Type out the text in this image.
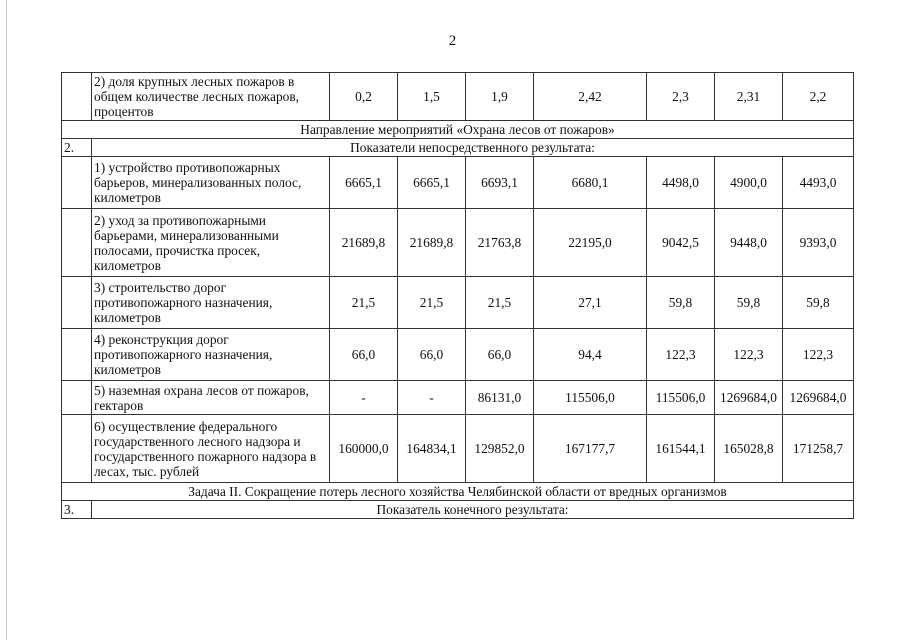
2
	2) доля крупных лесных пожаров в общем количестве лесных пожаров, процентов	0,2	1,5	1,9	2,42	2,3	2,31	2,2
Направление мероприятий «Охрана лесов от пожаров»								
2.	Показатели непосредственного результата:							
	1) устройство противопожарных барьеров, минерализованных полос, километров	6665,1	6665,1	6693,1	6680,1	4498,0	4900,0	4493,0
	2) уход за противопожарными барьерами, минерализованными полосами, прочистка просек, километров	21689,8	21689,8	21763,8	22195,0	9042,5	9448,0	9393,0
	3) строительство дорог противопожарного назначения, километров	21,5	21,5	21,5	27,1	59,8	59,8	59,8
	4) реконструкция дорог противопожарного назначения, километров	66,0	66,0	66,0	94,4	122,3	122,3	122,3
	5) наземная охрана лесов от пожаров, гектаров	-	-	86131,0	115506,0	115506,0	1269684,0	1269684,0
	6) осуществление федерального государственного лесного надзора и государственного пожарного надзора в лесах, тыс. рублей	160000,0	164834,1	129852,0	167177,7	161544,1	165028,8	171258,7
Задача II. Сокращение потерь лесного хозяйства Челябинской области от вредных организмов								
3.	Показатель конечного результата:							
